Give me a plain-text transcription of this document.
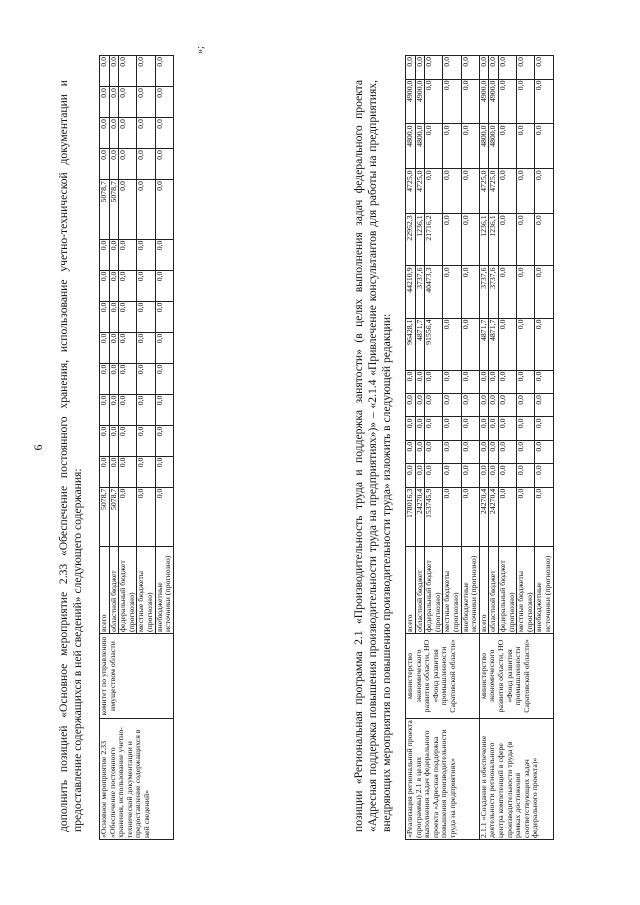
6 дополнить позицией «Основное мероприятие 2.33 «Обеспечение постоянного хранения, использование учетно-технической документации и предоставление содержащихся в ней сведений» следующего содержания: «Основное мероприятие 2.33 «Обеспечение постоянного хранения, использование учетно-технической документации и предоставление содержащихся в ней сведений»	комитет по управлению имуществом области	всего	5078,7	0,0	0,0	0,0	0,0	0,0	0,0	0,0	0,0	5078,7	0,0	0,0	0,0	0,0
		областной бюджет	5078,7	0,0	0,0	0,0	0,0	0,0	0,0	0,0	0,0	5078,7	0,0	0,0	0,0	0,0
		федеральный бюджет (прогнозно)	0,0	0,0	0,0	0,0	0,0	0,0	0,0	0,0	0,0	0,0	0,0	0,0	0,0	0,0
		местные бюджеты (прогнозно)	0,0	0,0	0,0	0,0	0,0	0,0	0,0	0,0	0,0	0,0	0,0	0,0	0,0	0,0
		внебюджетные источники (прогнозно)	0,0	0,0	0,0	0,0	0,0	0,0	0,0	0,0	0,0	0,0	0,0	0,0	0,0	0,0
»;

позиции «Региональная программа 2.1 «Производительность труда и поддержка занятости» (в целях выполнения задач федерального проекта «Адресная поддержка повышения производительности труда на предприятиях»)» – «2.1.4 «Привлечение консультантов для работы на предприятиях, внедряющих мероприятия по повышению производительности труда» изложить в следующей редакции: «Реализация региональной проекта (программы) 2.1 в целях выполнения задач федерального проекта «Адресная поддержка повышения производительности труда на предприятиях»	министерство экономического развития области, НО «Фонд развития промышленности Саратовской области»	всего	178016,3	0,0	0,0	0,0	0,0	0,0	96428,1	44210,9	22952,3	4725,0	4800,0	4900,0	0,0
		областной бюджет	24270,4	0,0	0,0	0,0	0,0	0,0	4871,7	3737,6	1236,1	4725,0	4800,0	4900,0	0,0
		федеральный бюджет (прогнозно)	153745,9	0,0	0,0	0,0	0,0	0,0	91556,4	40473,3	21716,2	0,0	0,0	0,0	0,0
		местные бюджеты (прогнозно)	0,0	0,0	0,0	0,0	0,0	0,0	0,0	0,0	0,0	0,0	0,0	0,0	0,0
		внебюджетные источники (прогнозно)	0,0	0,0	0,0	0,0	0,0	0,0	0,0	0,0	0,0	0,0	0,0	0,0	0,0
2.1.1 «Создание и обеспечение деятельности регионального центра компетенций в сфере производительности труда (в рамках достижения соответствующих задач федерального проекта)»	министерство экономического развития области, НО «Фонд развития промышленности Саратовской области»	всего	24270,4	0,0	0,0	0,0	0,0	0,0	4871,7	3737,6	1236,1	4725,0	4800,0	4900,0	0,0
		областной бюджет	24270,4	0,0	0,0	0,0	0,0	0,0	4871,7	3737,6	1236,1	4725,0	4800,0	4900,0	0,0
		федеральный бюджет (прогнозно)	0,0	0,0	0,0	0,0	0,0	0,0	0,0	0,0	0,0	0,0	0,0	0,0	0,0
		местные бюджеты (прогнозно)	0,0	0,0	0,0	0,0	0,0	0,0	0,0	0,0	0,0	0,0	0,0	0,0	0,0
		внебюджетные источники (прогнозно)	0,0	0,0	0,0	0,0	0,0	0,0	0,0	0,0	0,0	0,0	0,0	0,0	0,0
